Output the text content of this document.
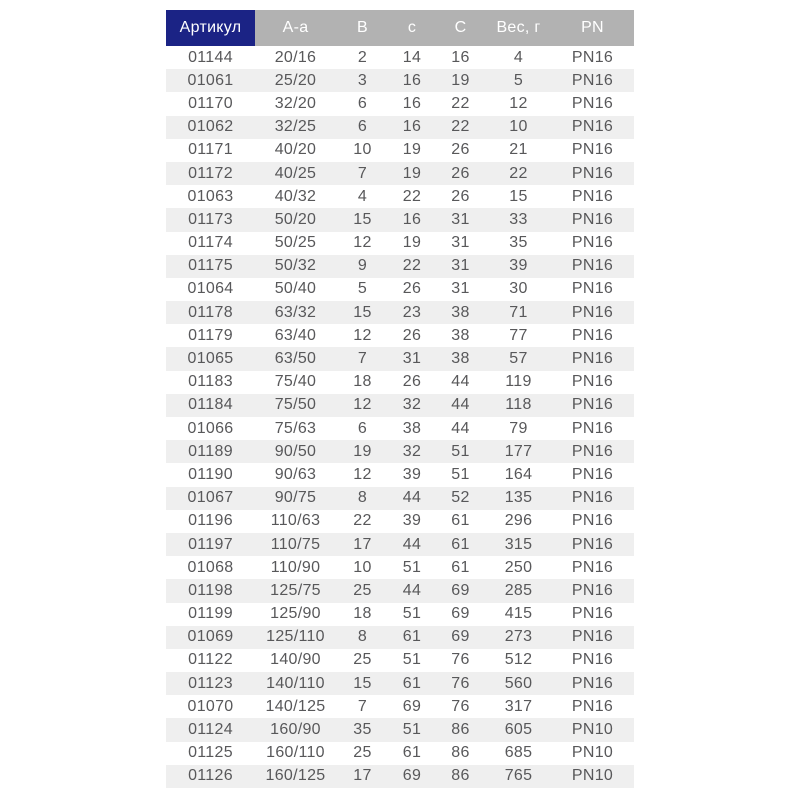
Артикул	А-а	В	с	С	Вес, г	PN
01144	20/16	2	14	16	4	PN16
01061	25/20	3	16	19	5	PN16
01170	32/20	6	16	22	12	PN16
01062	32/25	6	16	22	10	PN16
01171	40/20	10	19	26	21	PN16
01172	40/25	7	19	26	22	PN16
01063	40/32	4	22	26	15	PN16
01173	50/20	15	16	31	33	PN16
01174	50/25	12	19	31	35	PN16
01175	50/32	9	22	31	39	PN16
01064	50/40	5	26	31	30	PN16
01178	63/32	15	23	38	71	PN16
01179	63/40	12	26	38	77	PN16
01065	63/50	7	31	38	57	PN16
01183	75/40	18	26	44	119	PN16
01184	75/50	12	32	44	118	PN16
01066	75/63	6	38	44	79	PN16
01189	90/50	19	32	51	177	PN16
01190	90/63	12	39	51	164	PN16
01067	90/75	8	44	52	135	PN16
01196	110/63	22	39	61	296	PN16
01197	110/75	17	44	61	315	PN16
01068	110/90	10	51	61	250	PN16
01198	125/75	25	44	69	285	PN16
01199	125/90	18	51	69	415	PN16
01069	125/110	8	61	69	273	PN16
01122	140/90	25	51	76	512	PN16
01123	140/110	15	61	76	560	PN16
01070	140/125	7	69	76	317	PN16
01124	160/90	35	51	86	605	PN10
01125	160/110	25	61	86	685	PN10
01126	160/125	17	69	86	765	PN10
